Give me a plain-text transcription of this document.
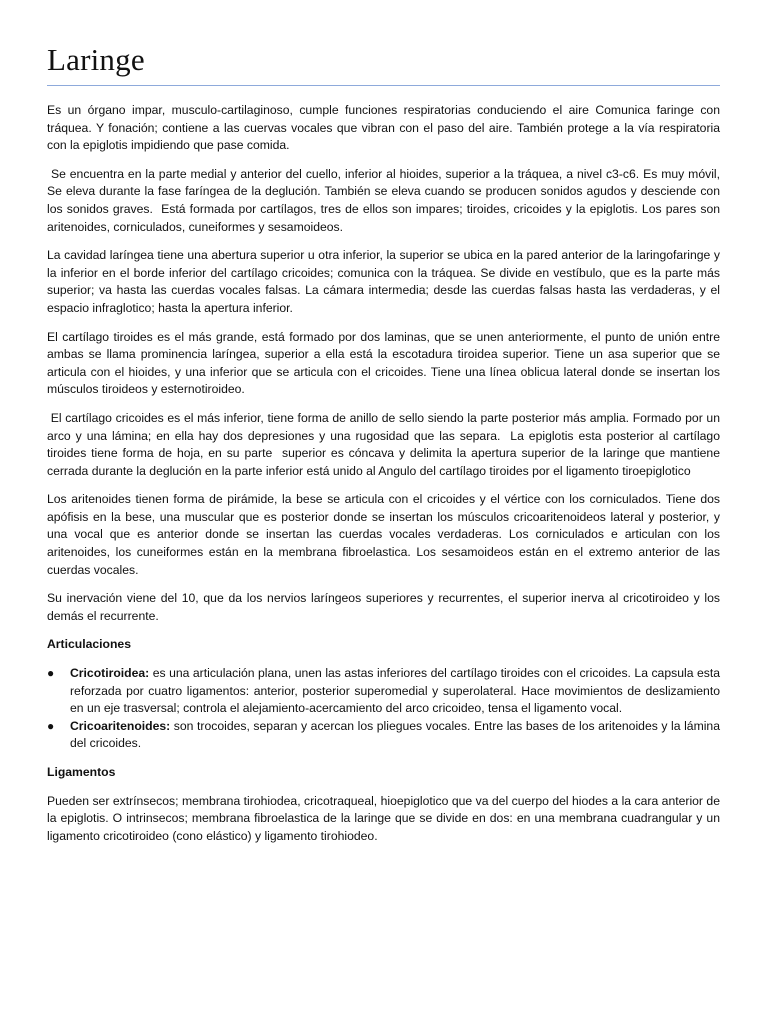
Laringe

Es un órgano impar, musculo-cartilaginoso, cumple funciones respiratorias conduciendo el aire Comunica faringe con tráquea. Y fonación; contiene a las cuervas vocales que vibran con el paso del aire. También protege a la vía respiratoria con la epiglotis impidiendo que pase comida.

Se encuentra en la parte medial y anterior del cuello, inferior al hioides, superior a la tráquea, a nivel c3-c6. Es muy móvil, Se eleva durante la fase faríngea de la deglución. También se eleva cuando se producen sonidos agudos y desciende con los sonidos graves.  Está formada por cartílagos, tres de ellos son impares; tiroides, cricoides y la epiglotis. Los pares son aritenoides, corniculados, cuneiformes y sesamoideos.

La cavidad laríngea tiene una abertura superior u otra inferior, la superior se ubica en la pared anterior de la laringofaringe y la inferior en el borde inferior del cartílago cricoides; comunica con la tráquea. Se divide en vestíbulo, que es la parte más superior; va hasta las cuerdas vocales falsas. La cámara intermedia; desde las cuerdas falsas hasta las verdaderas, y el espacio infraglotico; hasta la apertura inferior.

El cartílago tiroides es el más grande, está formado por dos laminas, que se unen anteriormente, el punto de unión entre ambas se llama prominencia laríngea, superior a ella está la escotadura tiroidea superior. Tiene un asa superior que se articula con el hioides, y una inferior que se articula con el cricoides. Tiene una línea oblicua lateral donde se insertan los músculos tiroideos y esternotiroideo.

El cartílago cricoides es el más inferior, tiene forma de anillo de sello siendo la parte posterior más amplia. Formado por un arco y una lámina; en ella hay dos depresiones y una rugosidad que las separa.  La epiglotis esta posterior al cartílago tiroides tiene forma de hoja, en su parte  superior es cóncava y delimita la apertura superior de la laringe que mantiene cerrada durante la deglución en la parte inferior está unido al Angulo del cartílago tiroides por el ligamento tiroepiglotico

Los aritenoides tienen forma de pirámide, la bese se articula con el cricoides y el vértice con los corniculados. Tiene dos apófisis en la bese, una muscular que es posterior donde se insertan los músculos cricoaritenoideos lateral y posterior, y una vocal que es anterior donde se insertan las cuerdas vocales verdaderas. Los corniculados e articulan con los aritenoides, los cuneiformes están en la membrana fibroelastica. Los sesamoideos están en el extremo anterior de las cuerdas vocales.

Su inervación viene del 10, que da los nervios laríngeos superiores y recurrentes, el superior inerva al cricotiroideo y los demás el recurrente.

Articulaciones
● Cricotiroidea: es una articulación plana, unen las astas inferiores del cartílago tiroides con el cricoides. La capsula esta reforzada por cuatro ligamentos: anterior, posterior superomedial y superolateral. Hace movimientos de deslizamiento en un eje trasversal; controla el alejamiento-acercamiento del arco cricoideo, tensa el ligamento vocal.
● Cricoaritenoides: son trocoides, separan y acercan los pliegues vocales. Entre las bases de los aritenoides y la lámina del cricoides.
Ligamentos

Pueden ser extrínsecos; membrana tirohiodea, cricotraqueal, hioepiglotico que va del cuerpo del hiodes a la cara anterior de la epiglotis. O intrinsecos; membrana fibroelastica de la laringe que se divide en dos: en una membrana cuadrangular y un ligamento cricotiroideo (cono elástico) y ligamento tirohiodeo.
